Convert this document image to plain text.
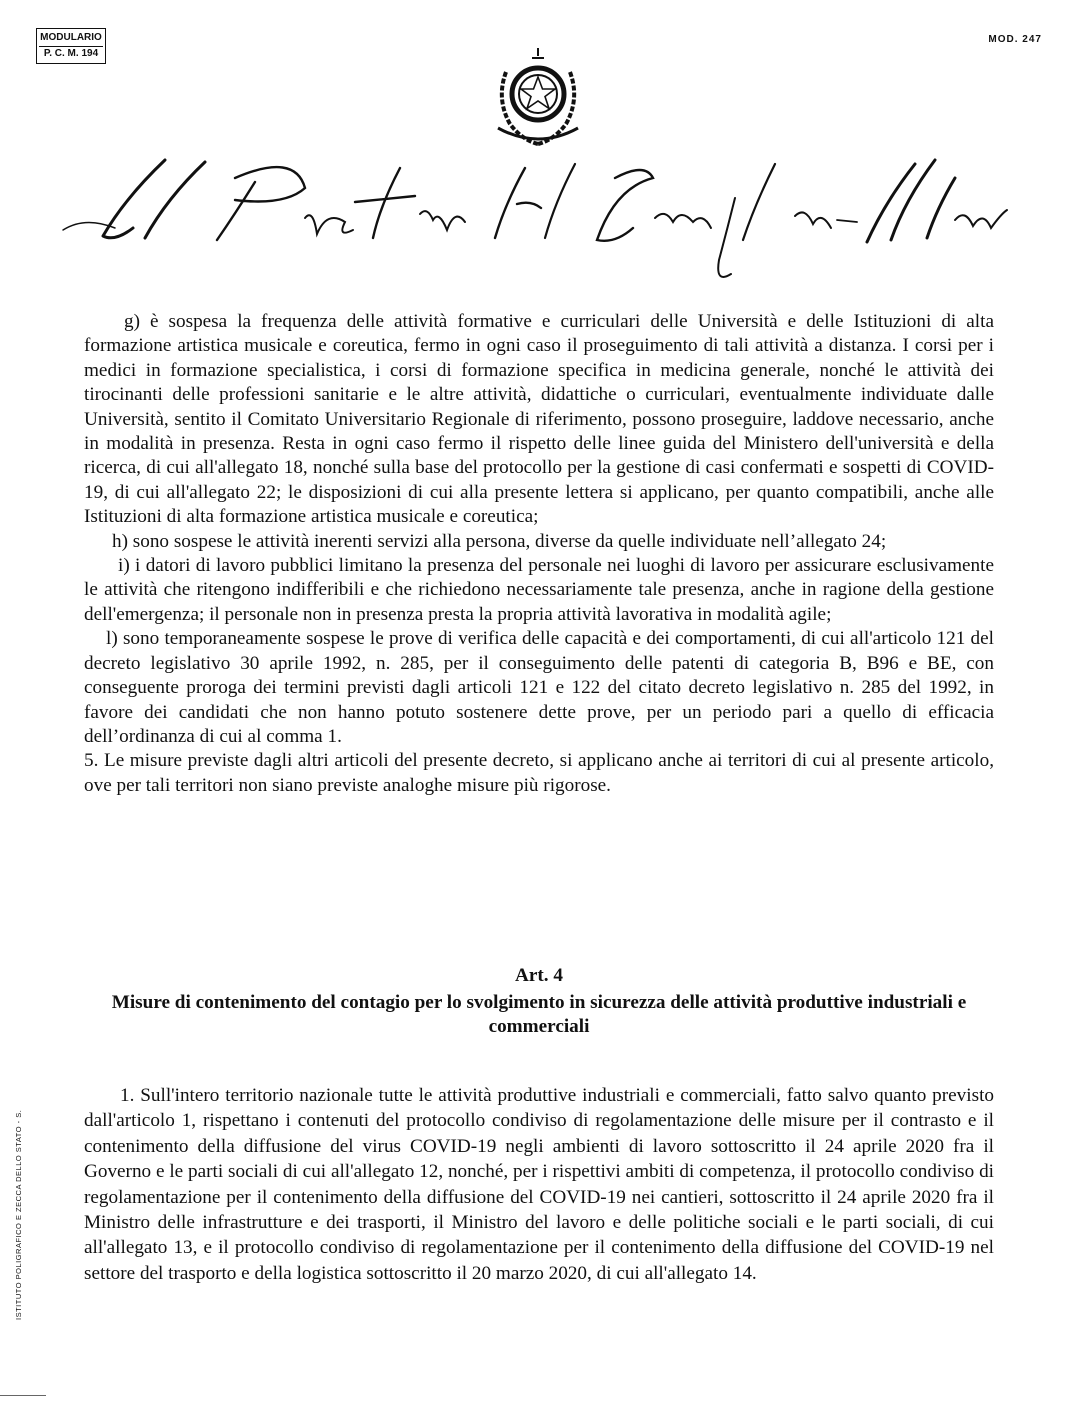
MODULARIO
P. C. M. 194
MOD. 247
ISTITUTO POLIGRAFICO E ZECCA DELLO STATO - S.

g) è sospesa la frequenza delle attività formative e curriculari delle Università e delle Istituzioni di alta formazione artistica musicale e coreutica, fermo in ogni caso il proseguimento di tali attività a distanza. I corsi per i medici in formazione specialistica, i corsi di formazione specifica in medicina generale, nonché le attività dei tirocinanti delle professioni sanitarie e le altre attività, didattiche o curriculari, eventualmente individuate dalle Università, sentito il Comitato Universitario Regionale di riferimento, possono proseguire, laddove necessario, anche in modalità in presenza. Resta in ogni caso fermo il rispetto delle linee guida del Ministero dell'università e della ricerca, di cui all'allegato 18, nonché sulla base del protocollo per la gestione di casi confermati e sospetti di COVID-19, di cui all'allegato 22; le disposizioni di cui alla presente lettera si applicano, per quanto compatibili, anche alle Istituzioni di alta formazione artistica musicale e coreutica;

h) sono sospese le attività inerenti servizi alla persona, diverse da quelle individuate nell’allegato 24;

i) i datori di lavoro pubblici limitano la presenza del personale nei luoghi di lavoro per assicurare esclusivamente le attività che ritengono indifferibili e che richiedono necessariamente tale presenza, anche in ragione della gestione dell'emergenza; il personale non in presenza presta la propria attività lavorativa in modalità agile;

l) sono temporaneamente sospese le prove di verifica delle capacità e dei comportamenti, di cui all'articolo 121 del decreto legislativo 30 aprile 1992, n. 285, per il conseguimento delle patenti di categoria B, B96 e BE, con conseguente proroga dei termini previsti dagli articoli 121 e 122 del citato decreto legislativo n. 285 del 1992, in favore dei candidati che non hanno potuto sostenere dette prove, per un periodo pari a quello di efficacia dell’ordinanza di cui al comma 1.

5. Le misure previste dagli altri articoli del presente decreto, si applicano anche ai territori di cui al presente articolo, ove per tali territori non siano previste analoghe misure più rigorose.

Art. 4
Misure di contenimento del contagio per lo svolgimento in sicurezza delle attività produttive industriali e commerciali

1. Sull'intero territorio nazionale tutte le attività produttive industriali e commerciali, fatto salvo quanto previsto dall'articolo 1, rispettano i contenuti del protocollo condiviso di regolamentazione delle misure per il contrasto e il contenimento della diffusione del virus COVID-19 negli ambienti di lavoro sottoscritto il 24 aprile 2020 fra il Governo e le parti sociali di cui all'allegato 12, nonché, per i rispettivi ambiti di competenza, il protocollo condiviso di regolamentazione per il contenimento della diffusione del COVID-19 nei cantieri, sottoscritto il 24 aprile 2020 fra il Ministro delle infrastrutture e dei trasporti, il Ministro del lavoro e delle politiche sociali e le parti sociali, di cui all'allegato 13, e il protocollo condiviso di regolamentazione per il contenimento della diffusione del COVID-19 nel settore del trasporto e della logistica sottoscritto il 20 marzo 2020, di cui all'allegato 14.
